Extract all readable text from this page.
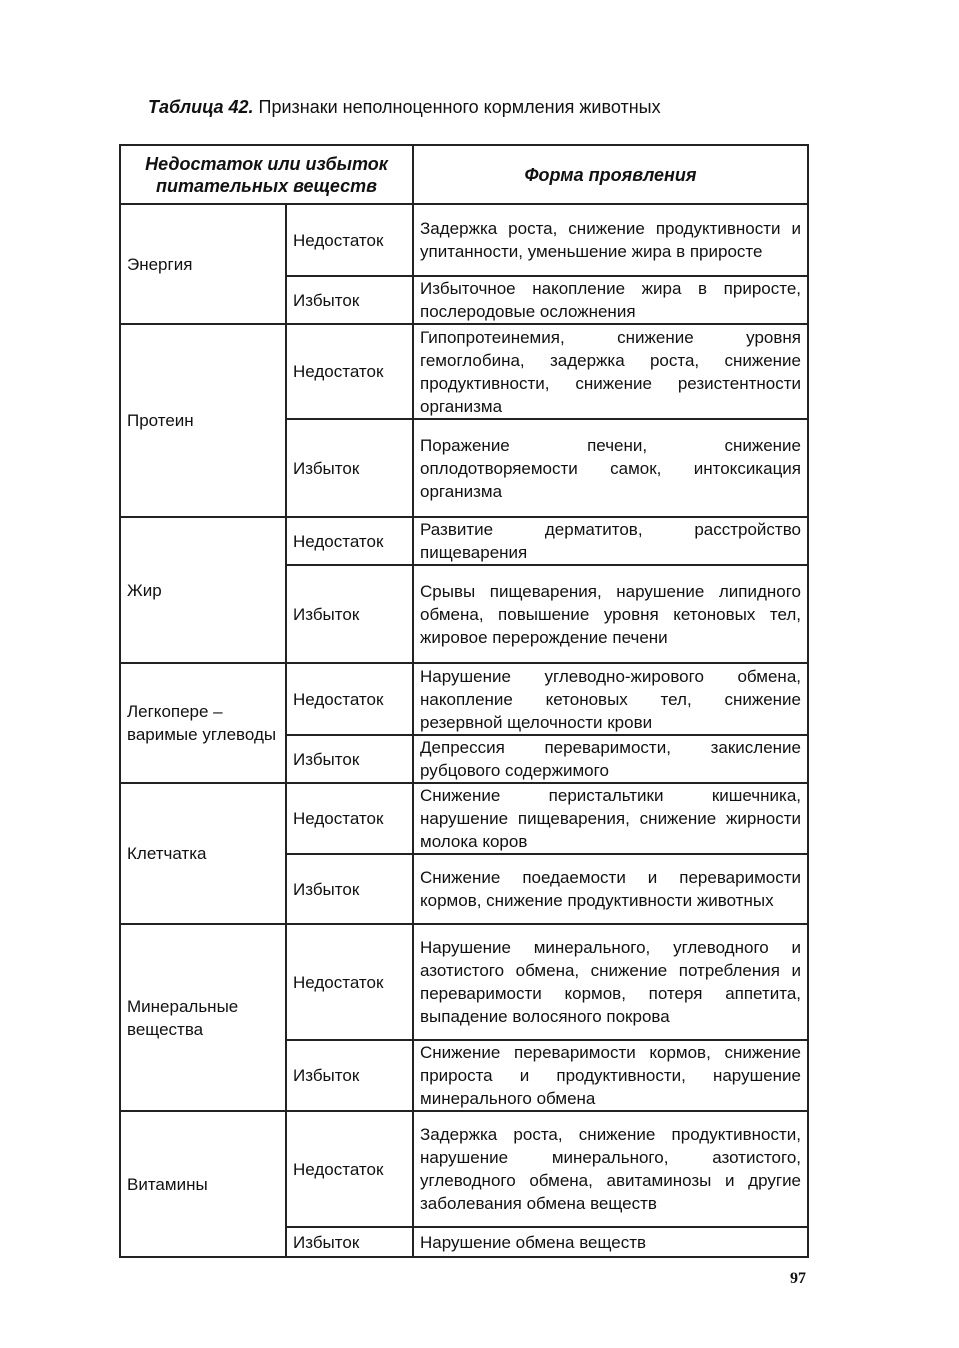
Таблица 42. Признаки неполноценного кормления животных
Недостаток или избыток питательных веществ		Форма проявления
Энергия	Недостаток	Задержка роста, снижение продуктивности и упитанности, уменьшение жира в приросте
	Избыток	Избыточное накопление жира в приросте, послеродовые осложнения
Протеин	Недостаток	Гипопротеинемия, снижение уровня гемоглобина, задержка роста, снижение продуктивности, снижение резистентности организма
	Избыток	Поражение печени, снижение оплодотворяемости самок, интоксикация организма
Жир	Недостаток	Развитие дерматитов, расстройство пищеварения
	Избыток	Срывы пищеварения, нарушение липидного обмена, повышение уровня кетоновых тел, жировое перерождение печени
Легкопере – варимые углеводы	Недостаток	Нарушение углеводно-жирового обмена, накопление кетоновых тел, снижение резервной щелочности крови
	Избыток	Депрессия переваримости, закисление рубцового содержимого
Клетчатка	Недостаток	Снижение перистальтики кишечника, нарушение пищеварения, снижение жирности молока коров
	Избыток	Снижение поедаемости и переваримости кормов, снижение продуктивности животных
Минеральные вещества	Недостаток	Нарушение минерального, углеводного и азотистого обмена, снижение потребления и переваримости кормов, потеря аппетита, выпадение волосяного покрова
	Избыток	Снижение переваримости кормов, снижение прироста и продуктивности, нарушение минерального обмена
Витамины	Недостаток	Задержка роста, снижение продуктивности, нарушение минерального, азотистого, углеводного обмена, авитаминозы и другие заболевания обмена веществ
	Избыток	Нарушение обмена веществ
97
